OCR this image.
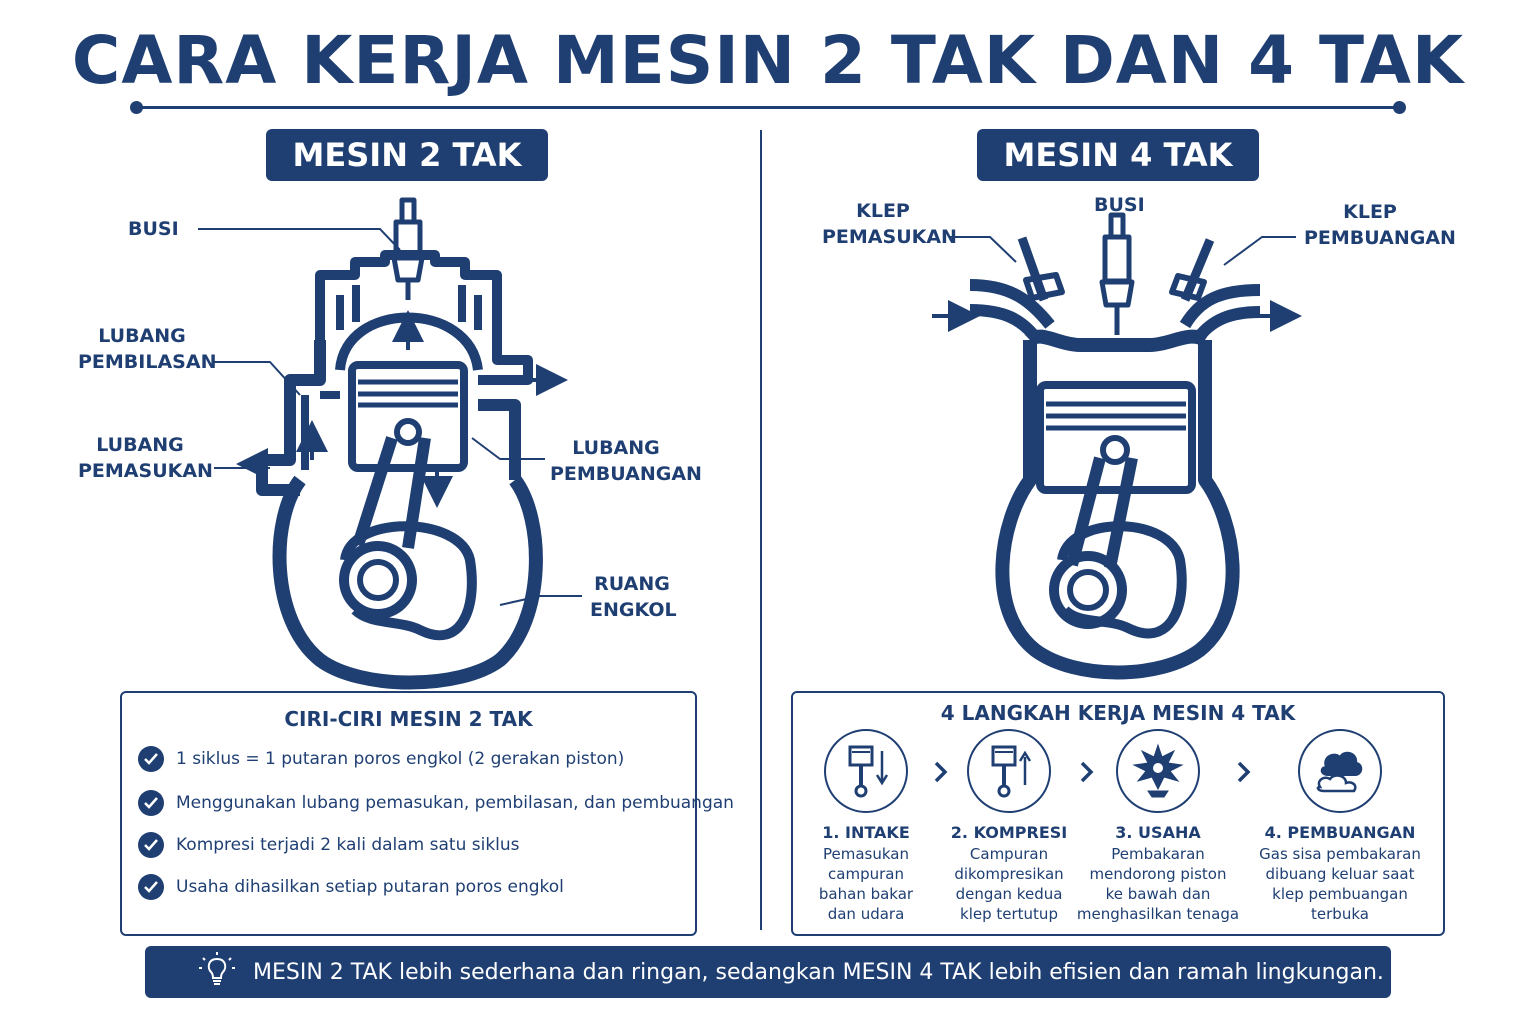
CARA KERJA MESIN 2 TAK DAN 4 TAK
MESIN 2 TAK	MESIN 4 TAK
BUSI
LUBANG
PEMBILASAN
LUBANG
PEMASUKAN
LUBANG
PEMBUANGAN
RUANG
ENGKOL
KLEP
PEMASUKAN
BUSI	KLEP
PEMBUANGAN
CIRI-CIRI MESIN 2 TAK
1 siklus = 1 putaran poros engkol (2 gerakan piston)
Menggunakan lubang pemasukan, pembilasan, dan pembuangan
Kompresi terjadi 2 kali dalam satu siklus
Usaha dihasilkan setiap putaran poros engkol
4 LANGKAH KERJA MESIN 4 TAK
1. INTAKE
Pemasukan
campuran
bahan bakar
dan udara
2. KOMPRESI
Campuran
dikompresikan
dengan kedua
klep tertutup
3. USAHA
Pembakaran
mendorong piston
ke bawah dan
menghasilkan tenaga
4. PEMBUANGAN
Gas sisa pembakaran
dibuang keluar saat
klep pembuangan
terbuka
MESIN 2 TAK lebih sederhana dan ringan, sedangkan MESIN 4 TAK lebih efisien dan ramah lingkungan.
